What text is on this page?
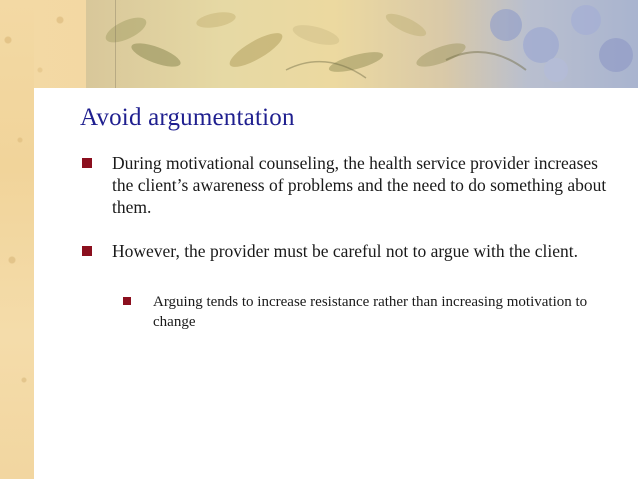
Avoid argumentation
During motivational counseling, the health service provider increases the client’s awareness of problems and the need to do something about them.
However, the provider must be careful not to argue with the client.
Arguing tends to increase resistance rather than increasing motivation to change
